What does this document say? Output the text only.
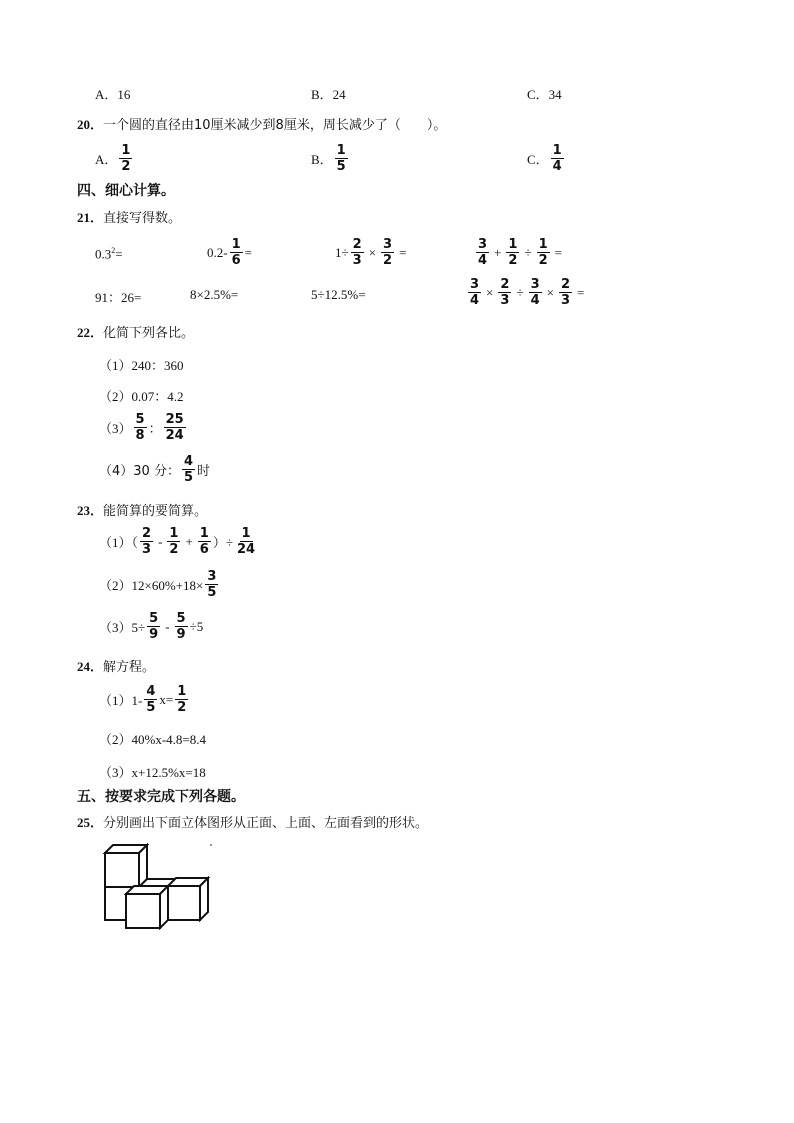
A．16	B．24	C．34
20． 一个圆的直径由10厘米减少到8厘米，周长减少了（　　）。
A． $\frac{1}{2}$	B． $\frac{1}{5}$	C． $\frac{1}{4}$
四、细心计算。
21． 直接写得数。
$0.3^2=$	$0.2- \frac{1}{6}$ =	$1\div \frac{2}{3} \times \frac{3}{2}$ =	$\frac{3}{4} + \frac{1}{2} \div \frac{1}{2}$ =
91：26=	8×2.5%=	5÷12.5%=	$\frac{3}{4} \times \frac{2}{3} \div \frac{3}{4} \times \frac{2}{3}$ =
22． 化简下列各比。
（1）240：360
（2）0.07：4.2
$(3) \frac{5}{8}$ ： $\frac{25}{24}$
（4）30 分： $\frac{4}{5}$ 时
23． 能简算的要简算。
$(1)( \frac{2}{3} - \frac{1}{2} + \frac{1}{6}$ ）÷ $\frac{1}{24}$
$(2)12\times 60\%+18\times \frac{3}{5}$
$(3)5\div \frac{5}{9} - \frac{5}{9} \div 5$
24． 解方程。
$(1)1- \frac{4}{5} x= \frac{1}{2}$
（2）40%x-4.8=8.4
（3）x+12.5%x=18
五、按要求完成下列各题。
25． 分别画出下面立体图形从正面、上面、左面看到的形状。
